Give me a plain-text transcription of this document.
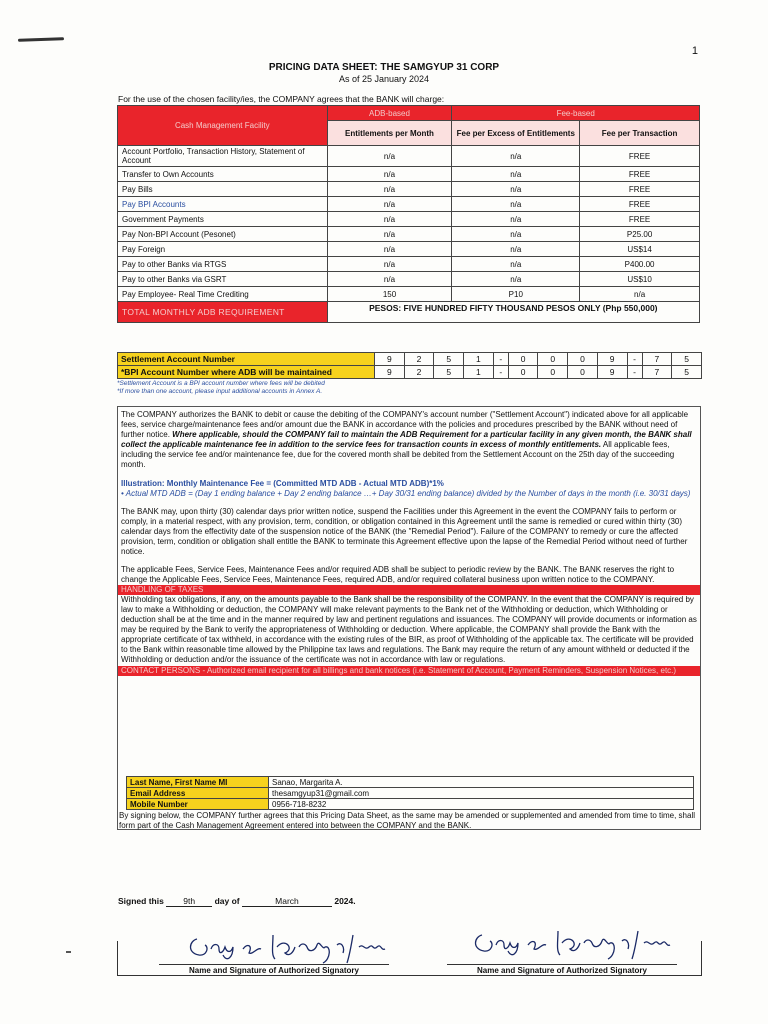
1
PRICING DATA SHEET: THE SAMGYUP 31 CORP
As of 25 January 2024
For the use of the chosen facility/ies, the COMPANY agrees that the BANK will charge:
Cash Management Facility	ADB-based	Fee-based	
	Entitlements per Month	Fee per Excess of Entitlements	Fee per Transaction
Account Portfolio, Transaction History, Statement of Account	n/a	n/a	FREE
Transfer to Own Accounts	n/a	n/a	FREE
Pay Bills	n/a	n/a	FREE
Pay BPI Accounts	n/a	n/a	FREE
Government Payments	n/a	n/a	FREE
Pay Non-BPI Account (Pesonet)	n/a	n/a	P25.00
Pay Foreign	n/a	n/a	US$14
Pay to other Banks via RTGS	n/a	n/a	P400.00
Pay to other Banks via GSRT	n/a	n/a	US$10
Pay Employee- Real Time Crediting	150	P10	n/a
TOTAL MONTHLY ADB REQUIREMENT	PESOS: FIVE HUNDRED FIFTY THOUSAND PESOS ONLY (Php 550,000)		
Settlement Account Number	9	2	5	1	-	0	0	0	9	-	7	5
*BPI Account Number where ADB will be maintained	9	2	5	1	-	0	0	0	9	-	7	5
*Settlement Account is a BPI account number where fees will be debited
*If more than one account, please input additional accounts in Annex A.

The COMPANY authorizes the BANK to debit or cause the debiting of the COMPANY's account number ("Settlement Account") indicated above for all applicable fees, service charge/maintenance fees and/or amount due the BANK in accordance with the policies and procedures prescribed by the BANK without need of further notice. Where applicable, should the COMPANY fail to maintain the ADB Requirement for a particular facility in any given month, the BANK shall collect the applicable maintenance fee in addition to the service fees for transaction counts in excess of monthly entitlements. All applicable fees, including the service fee and/or maintenance fee, due for the covered month shall be debited from the Settlement Account on the 25th day of the succeeding month.

Illustration: Monthly Maintenance Fee = (Committed MTD ADB - Actual MTD ADB)*1%

• Actual MTD ADB = (Day 1 ending balance + Day 2 ending balance …+ Day 30/31 ending balance) divided by the Number of days in the month (i.e. 30/31 days)

The BANK may, upon thirty (30) calendar days prior written notice, suspend the Facilities under this Agreement in the event the COMPANY fails to perform or comply, in a material respect, with any provision, term, condition, or obligation contained in this Agreement until the same is remedied or cured within thirty (30) calendar days from the effectivity date of the suspension notice of the BANK (the "Remedial Period"). Failure of the COMPANY to remedy or cure the affected provision, term, condition or obligation shall entitle the BANK to terminate this Agreement effective upon the lapse of the Remedial Period without need of further notice.

The applicable Fees, Service Fees, Maintenance Fees and/or required ADB shall be subject to periodic review by the BANK. The BANK reserves the right to change the Applicable Fees, Service Fees, Maintenance Fees, required ADB, and/or required collateral business upon written notice to the COMPANY.

HANDLING OF TAXES

Withholding tax obligations, if any, on the amounts payable to the Bank shall be the responsibility of the COMPANY. In the event that the COMPANY is required by law to make a Withholding or deduction, the COMPANY will make relevant payments to the Bank net of the Withholding or deduction, which Withholding or deduction shall be at the time and in the manner required by law and pertinent regulations and issuances. The COMPANY will provide documents or information as may be required by the Bank to verify the appropriateness of Withholding or deduction. Where applicable, the COMPANY shall provide the Bank with the appropriate certificate of tax withheld, in accordance with the existing rules of the BIR, as proof of Withholding of the applicable tax. The certificate will be provided to the Bank within reasonable time allowed by the Philippine tax laws and regulations. The Bank may require the return of any amount withheld or deducted if the Withholding or deduction and/or the issuance of the certificate was not in accordance with law or regulations.

CONTACT PERSONS - Authorized email recipient for all billings and bank notices (i.e. Statement of Account, Payment Reminders, Suspension Notices, etc.)
Last Name, First Name MI	Sanao, Margarita A.
Email Address	thesamgyup31@gmail.com
Mobile Number	0956-718-8232
By signing below, the COMPANY further agrees that this Pricing Data Sheet, as the same may be amended or supplemented and amended from time to time, shall form part of the Cash Management Agreement entered into between the COMPANY and the BANK.
Signed this 9th day of	March	2024.
Name and Signature of Authorized Signatory	Name and Signature of Authorized Signatory
